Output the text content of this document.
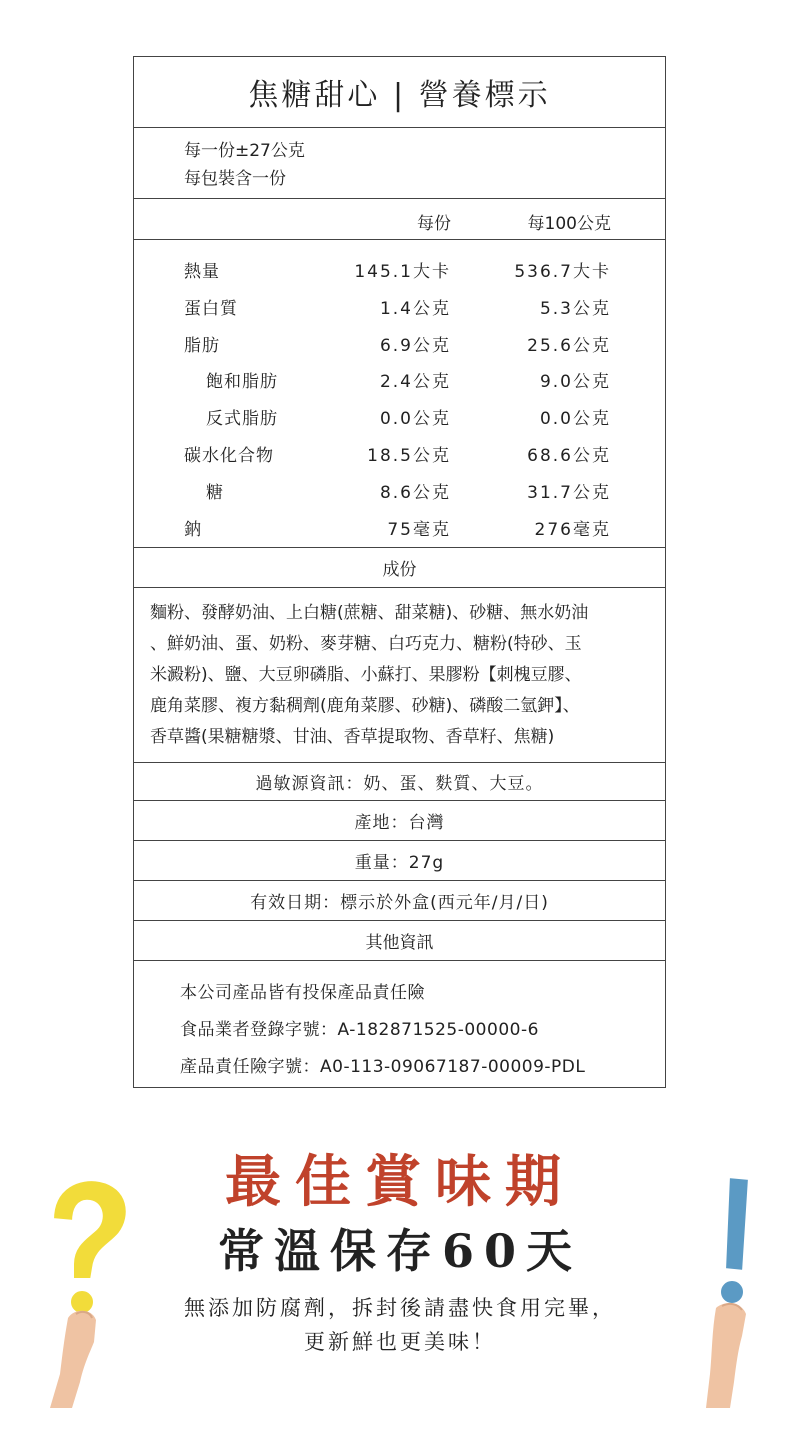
焦糖甜心 | 營養標示
每一份±27公克
每包裝含一份
每份	每100公克
熱量	145.1大卡	536.7大卡
蛋白質	1.4公克	5.3公克
脂肪	6.9公克	25.6公克
飽和脂肪	2.4公克	9.0公克
反式脂肪	0.0公克	0.0公克
碳水化合物	18.5公克	68.6公克
糖	8.6公克	31.7公克
鈉	75毫克	276毫克
成份
麵粉、發酵奶油、上白糖(蔗糖、甜菜糖)、砂糖、無水奶油
、鮮奶油、蛋、奶粉、麥芽糖、白巧克力、糖粉(特砂、玉
米澱粉)、鹽、大豆卵磷脂、小蘇打、果膠粉【刺槐豆膠、
鹿角菜膠、複方黏稠劑(鹿角菜膠、砂糖)、磷酸二氫鉀】、
香草醬(果糖糖漿、甘油、香草提取物、香草籽、焦糖)
過敏源資訊：奶、蛋、麩質、大豆。
產地：台灣
重量：27g
有效日期：標示於外盒(西元年/月/日)
其他資訊
本公司產品皆有投保產品責任險
食品業者登錄字號：A-182871525-00000-6
產品責任險字號：A0-113-09067187-00009-PDL
最佳賞味期
常溫保存60天
無添加防腐劑，拆封後請盡快食用完畢，
更新鮮也更美味！
